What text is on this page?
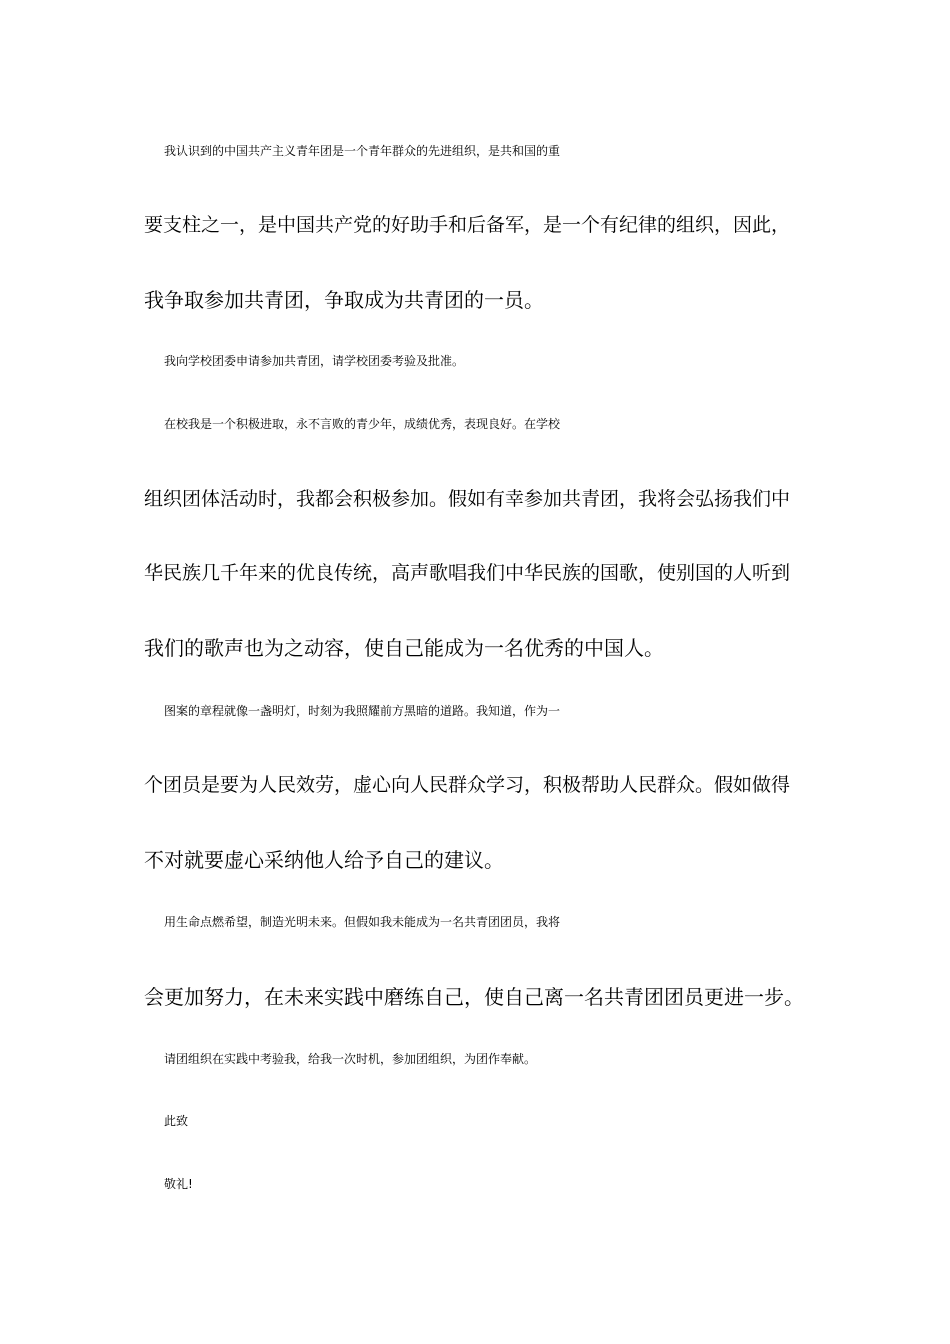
我认识到的中国共产主义青年团是一个青年群众的先进组织，是共和国的重
要支柱之一，是中国共产党的好助手和后备军，是一个有纪律的组织，因此，
我争取参加共青团，争取成为共青团的一员。
我向学校团委申请参加共青团，请学校团委考验及批准。
在校我是一个积极进取，永不言败的青少年，成绩优秀，表现良好。在学校
组织团体活动时，我都会积极参加。假如有幸参加共青团，我将会弘扬我们中
华民族几千年来的优良传统，高声歌唱我们中华民族的国歌，使别国的人听到
我们的歌声也为之动容，使自己能成为一名优秀的中国人。
图案的章程就像一盏明灯，时刻为我照耀前方黑暗的道路。我知道，作为一
个团员是要为人民效劳，虚心向人民群众学习，积极帮助人民群众。假如做得
不对就要虚心采纳他人给予自己的建议。
用生命点燃希望，制造光明未来。但假如我未能成为一名共青团团员，我将
会更加努力，在未来实践中磨练自己，使自己离一名共青团团员更进一步。
请团组织在实践中考验我，给我一次时机，参加团组织，为团作奉献。
此致
敬礼!
